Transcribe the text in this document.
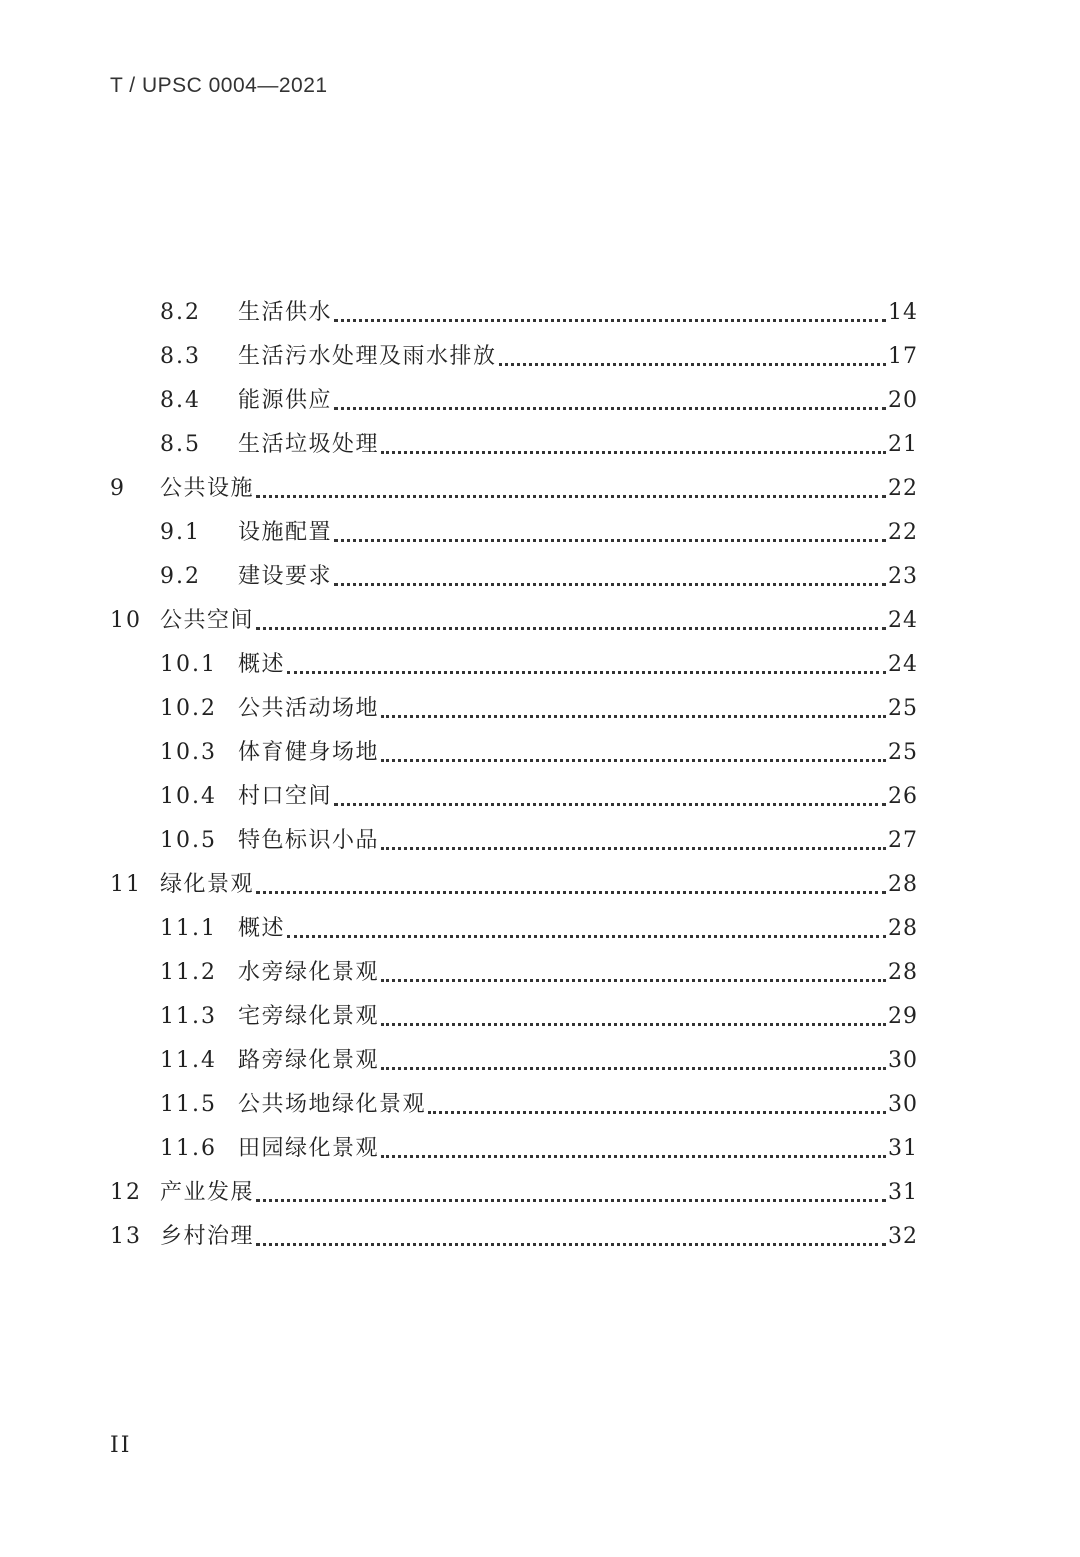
T / UPSC 0004—2021
8.2 生活供水	14
8.3 生活污水处理及雨水排放	17
8.4 能源供应	20
8.5 生活垃圾处理	21
9 公共设施	22
9.1 设施配置	22
9.2 建设要求	23
10 公共空间	24
10.1 概述	24
10.2 公共活动场地	25
10.3 体育健身场地	25
10.4 村口空间	26
10.5 特色标识小品	27
11 绿化景观	28
11.1 概述	28
11.2 水旁绿化景观	28
11.3 宅旁绿化景观	29
11.4 路旁绿化景观	30
11.5 公共场地绿化景观	30
11.6 田园绿化景观	31
12 产业发展	31
13 乡村治理	32
II
